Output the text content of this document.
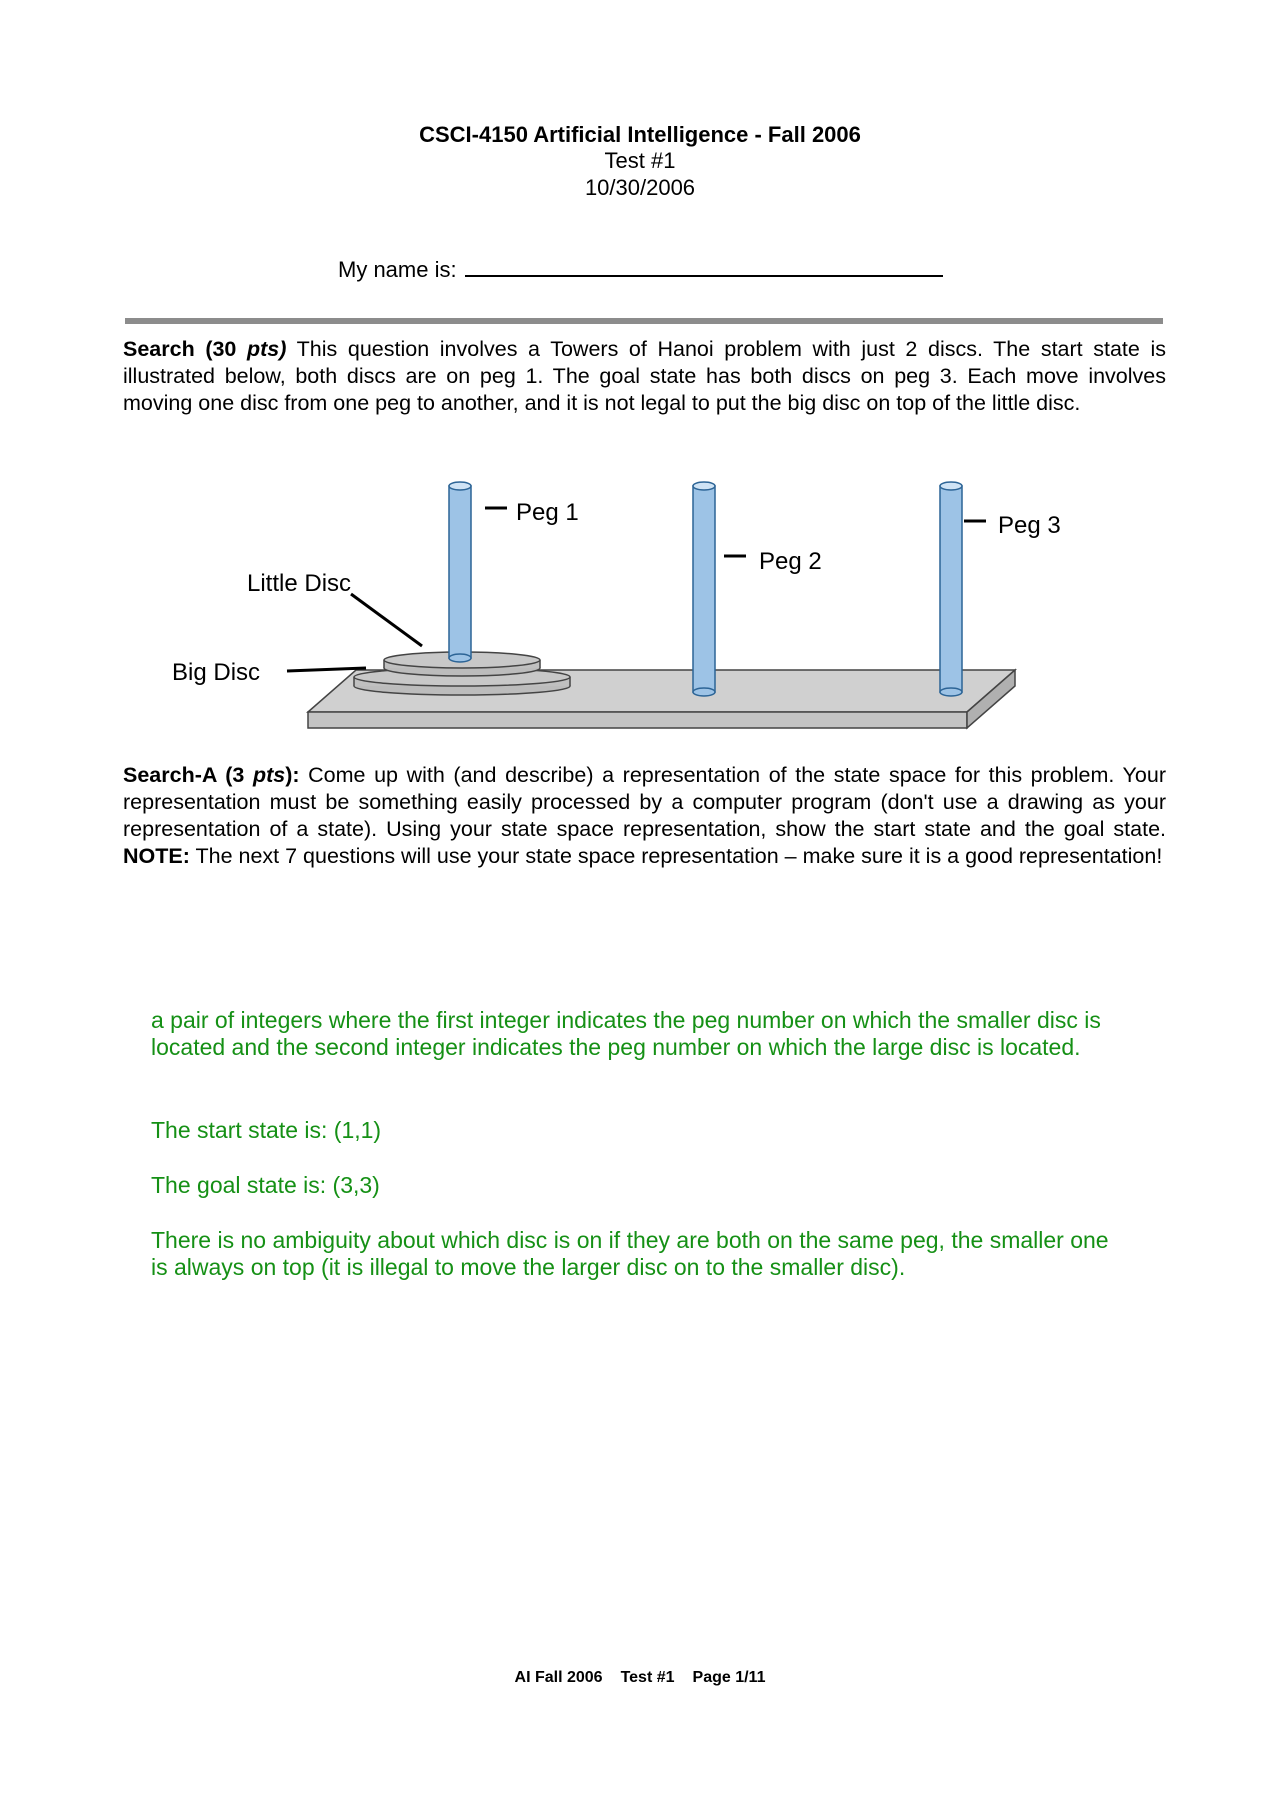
CSCI-4150 Artificial Intelligence - Fall 2006
Test #1
10/30/2006
My name is:
Search (30 pts) This question involves a Towers of Hanoi problem with just 2 discs. The start state is illustrated below, both discs are on peg 1. The goal state has both discs on peg 3. Each move involves moving one disc from one peg to another, and it is not legal to put the big disc on top of the little disc.
Peg 1
Peg 2
Peg 3
Little Disc
Big Disc
Search-A (3 pts): Come up with (and describe) a representation of the state space for this problem. Your representation must be something easily processed by a computer program (don't use a drawing as your representation of a state). Using your state space representation, show the start state and the goal state. NOTE: The next 7 questions will use your state space representation – make sure it is a good representation!
a pair of integers where the first integer indicates the peg number on which the smaller disc is located and the second integer indicates the peg number on which the large disc is located.
The start state is: (1,1)
The goal state is: (3,3)
There is no ambiguity about which disc is on if they are both on the same peg, the smaller one is always on top (it is illegal to move the larger disc on to the smaller disc).
AI Fall 2006 Test #1 Page 1/11
